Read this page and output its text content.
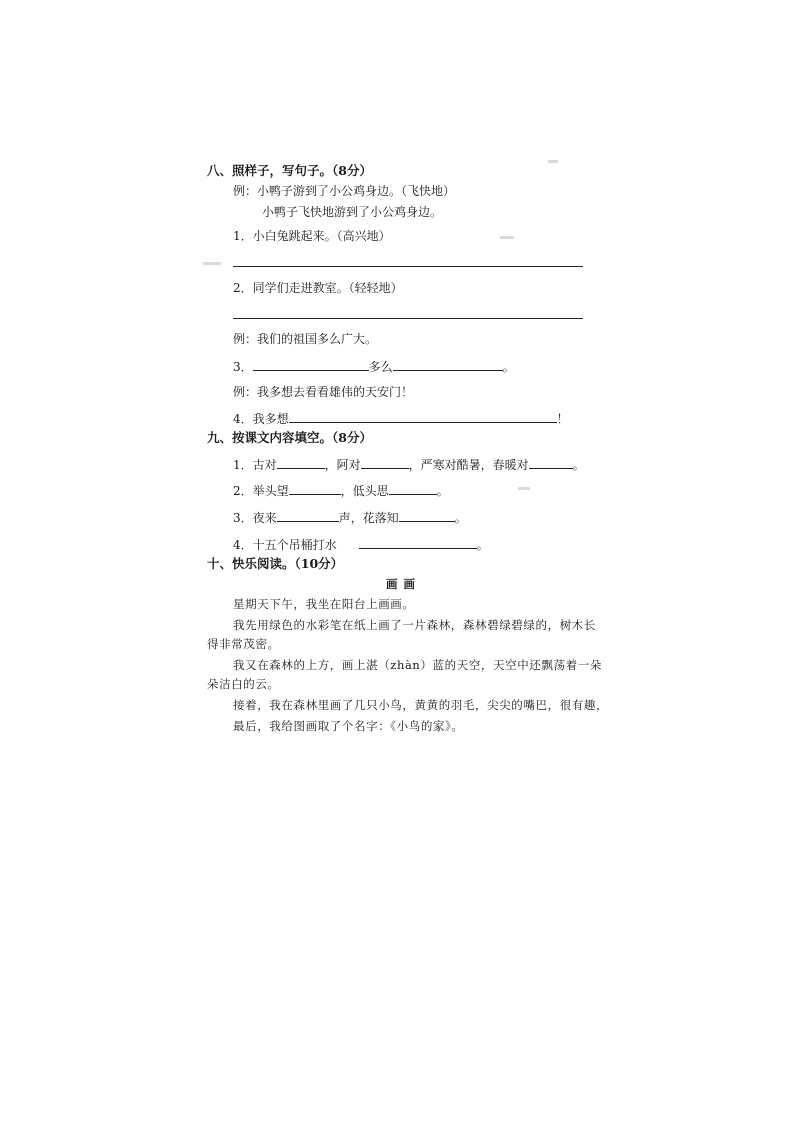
八、照样子，写句子。（8分）
例：小鸭子游到了小公鸡身边。（飞快地）
小鸭子飞快地游到了小公鸡身边。
1．小白兔跳起来。（高兴地）
2．同学们走进教室。（轻轻地）
例：我们的祖国多么广大。
3．	多么	。
例：我多想去看看雄伟的天安门！
4．我多想	！
九、按课文内容填空。（8分）
1．古对	，阿对	，严寒对酷暑，春暖对	。
2．举头望	，低头思	。
3．夜来	声，花落知	。
4．十五个吊桶打水	。
十、快乐阅读。（10分）
画画
星期天下午，我坐在阳台上画画。
我先用绿色的水彩笔在纸上画了一片森林，森林碧绿碧绿的，树木长
得非常茂密。
我又在森林的上方，画上湛（zhàn）蓝的天空，天空中还飘荡着一朵
朵洁白的云。
接着，我在森林里画了几只小鸟，黄黄的羽毛，尖尖的嘴巴，很有趣，
最后，我给图画取了个名字：《小鸟的家》。
